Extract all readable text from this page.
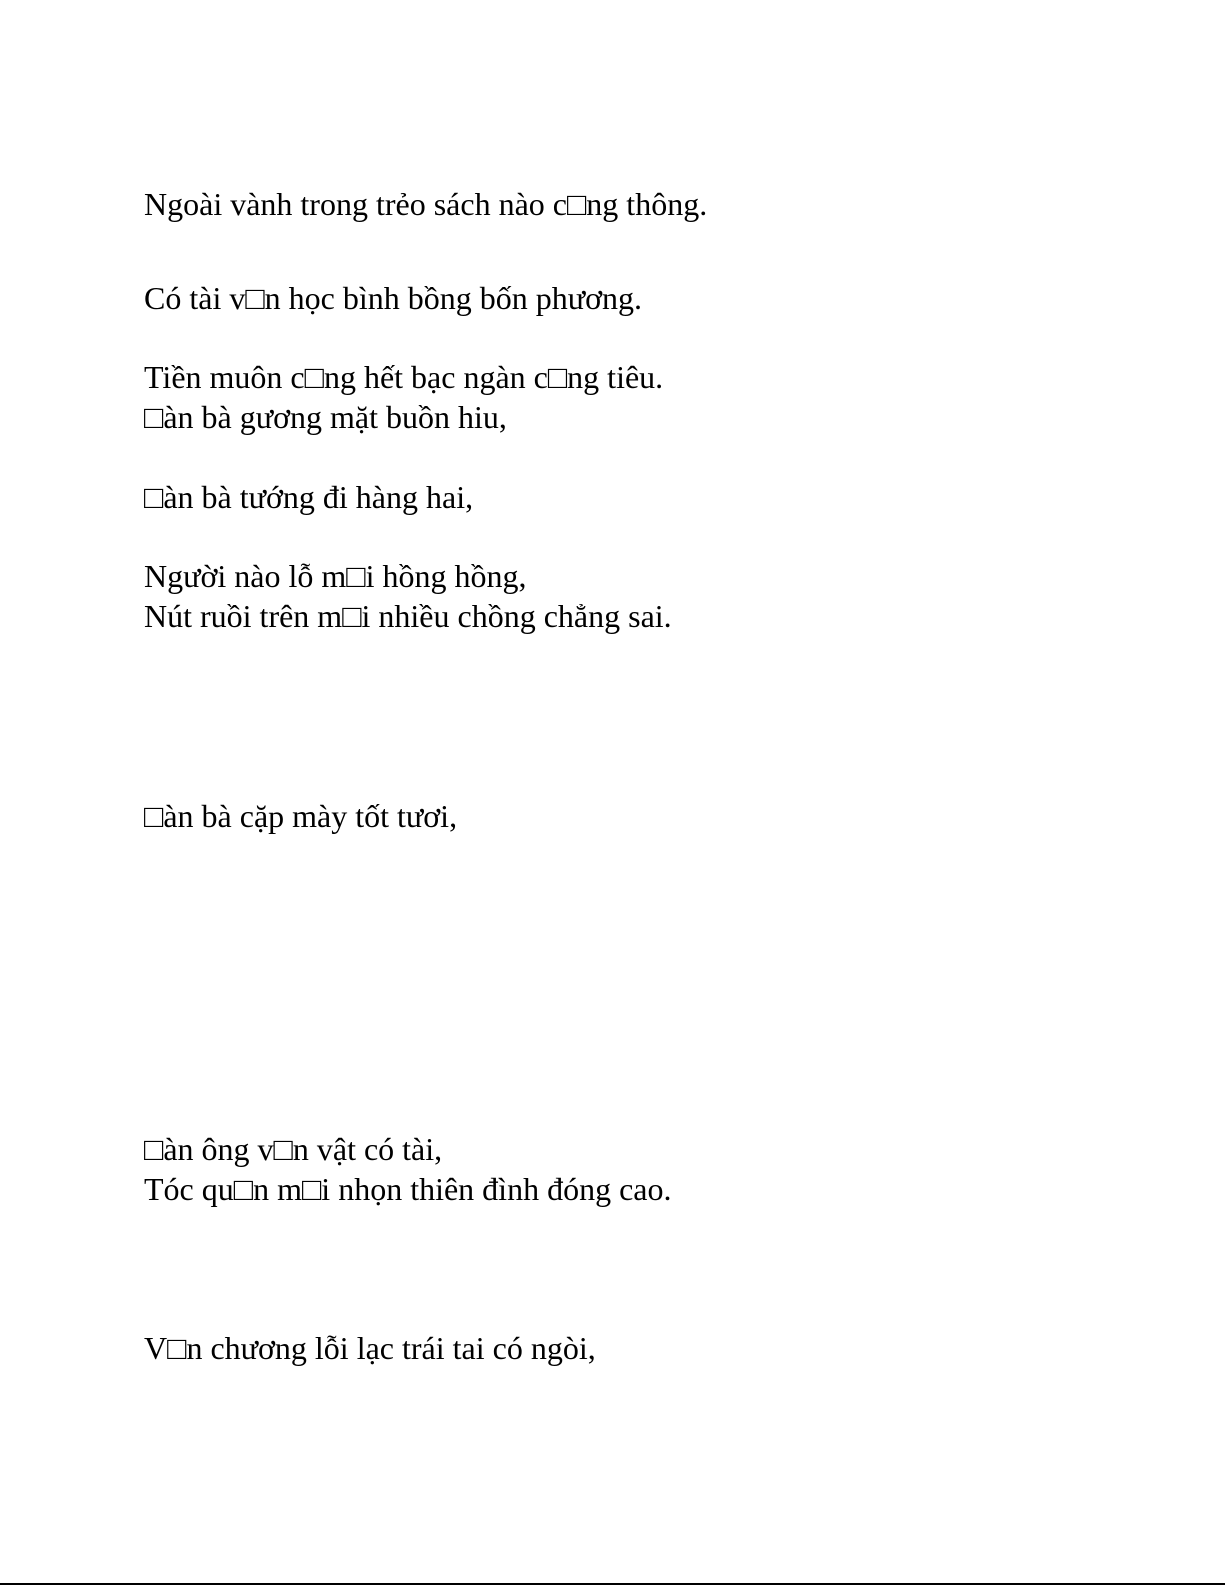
Ngoài vành trong trẻo sách nào c□ng thông.
Có tài v□n học bình bồng bốn phương.
Tiền muôn c□ng hết bạc ngàn c□ng tiêu.
□àn bà gương mặt buồn hiu,
□àn bà tướng đi hàng hai,
Người nào lỗ m□i hồng hồng,
Nút ruồi trên m□i nhiều chồng chẳng sai.
□àn bà cặp mày tốt tươi,
□àn ông v□n vật có tài,
Tóc qu□n m□i nhọn thiên đình đóng cao.
V□n chương lỗi lạc trái tai có ngòi,
